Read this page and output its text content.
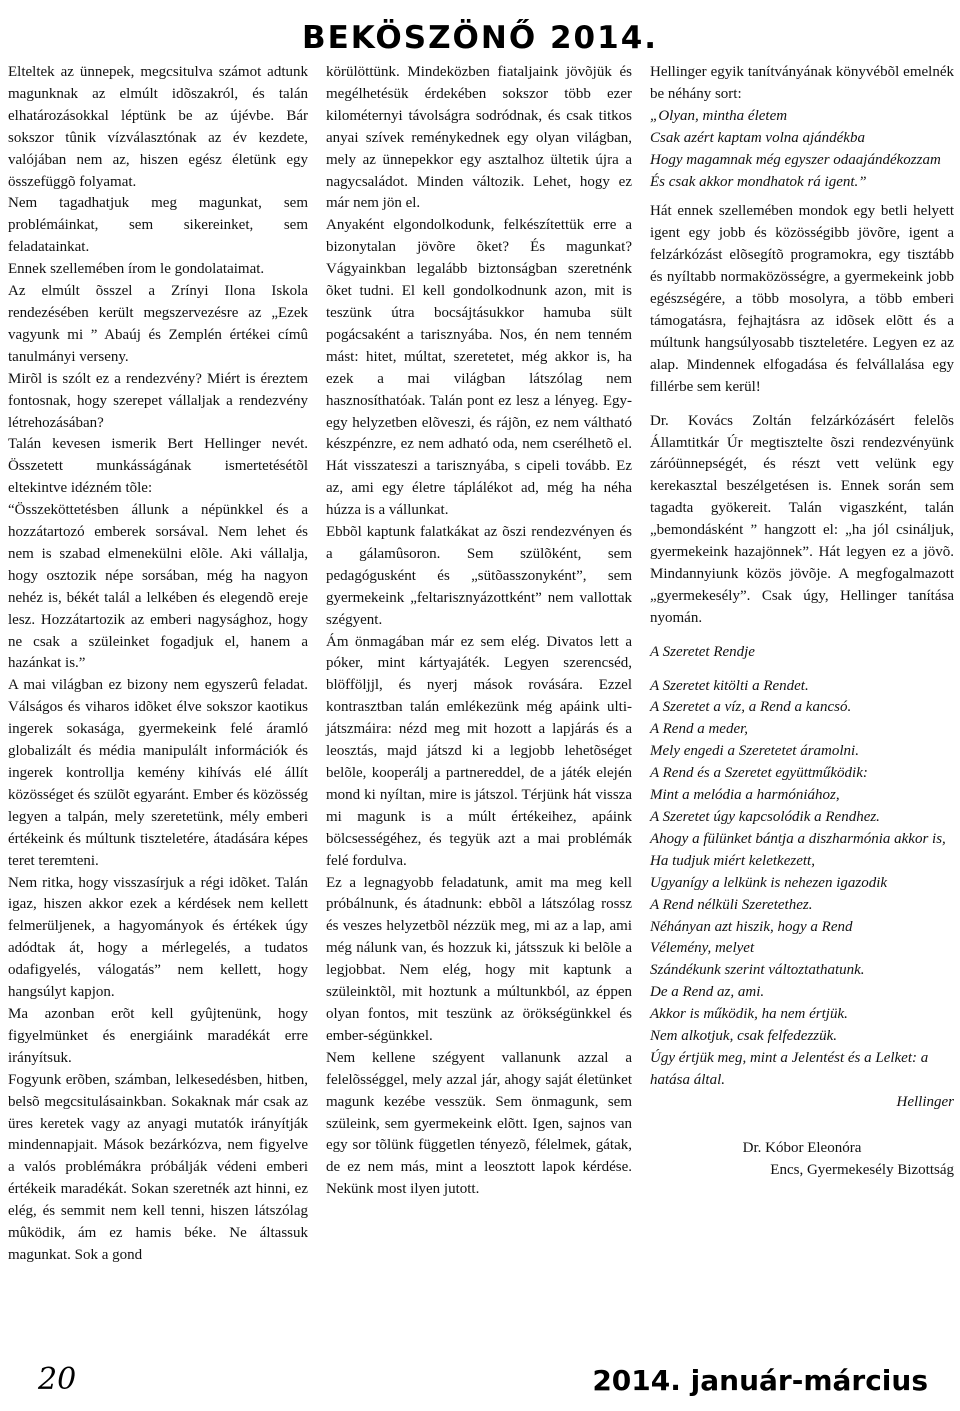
BEKÖSZÖNŐ 2014.

Elteltek az ünnepek, megcsitulva számot adtunk magunknak az elmúlt idõszakról, és talán elhatározásokkal léptünk be az újévbe. Bár sokszor tûnik vízválasztónak az év kezdete, valójában nem az, hiszen egész életünk egy összefüggõ folyamat.

Nem tagadhatjuk meg magunkat, sem problémáinkat, sem sikereinket, sem feladatainkat.

Ennek szellemében írom le gondolataimat.

Az elmúlt õsszel a Zrínyi Ilona Iskola rendezésében került megszervezésre az „Ezek vagyunk mi ” Abaúj és Zemplén értékei címû tanulmányi verseny.

Mirõl is szólt ez a rendezvény? Miért is éreztem fontosnak, hogy szerepet vállaljak a rendezvény létrehozásában?

Talán kevesen ismerik Bert Hellinger nevét. Összetett munkásságának ismertetésétõl eltekintve idézném tõle:

“Összeköttetésben állunk a népünkkel és a hozzátartozó emberek sorsával. Nem lehet és nem is szabad elmenekülni elõle. Aki vállalja, hogy osztozik népe sorsában, még ha nagyon nehéz is, békét talál a lelkében és elegendõ ereje lesz. Hozzátartozik az emberi nagysághoz, hogy ne csak a szüleinket fogadjuk el, hanem a hazánkat is.”

A mai világban ez bizony nem egyszerû feladat. Válságos és viharos idõket élve sokszor kaotikus ingerek sokasága, gyermekeink felé áramló globalizált és média manipulált információk és ingerek kontrollja kemény kihívás elé állít közösséget és szülõt egyaránt. Ember és közösség legyen a talpán, mely szeretetünk, mély emberi értékeink és múltunk tiszteletére, átadására képes teret teremteni.

Nem ritka, hogy visszasírjuk a régi idõket. Talán igaz, hiszen akkor ezek a kérdések nem kellett felmerüljenek, a hagyományok és értékek úgy adódtak át, hogy a mérlegelés, a tudatos odafigyelés, válogatás” nem kellett, hogy hangsúlyt kapjon.

Ma azonban erõt kell gyûjtenünk, hogy figyelmünket és energiáink maradékát erre irányítsuk.

Fogyunk erõben, számban, lelkesedésben, hitben, belsõ megcsitulásainkban. Sokaknak már csak az üres keretek vagy az anyagi mutatók irányítják mindennapjait. Mások bezárkózva, nem figyelve a valós problémákra próbálják védeni emberi értékeik maradékát. Sokan szeretnék azt hinni, ez elég, és semmit nem kell tenni, hiszen látszólag mûködik, ám ez hamis béke. Ne áltassuk magunkat. Sok a gond

körülöttünk. Mindeközben fiataljaink jövõjük és megélhetésük érdekében sokszor több ezer kilométernyi távolságra sodródnak, és csak titkos anyai szívek reménykednek egy olyan világban, mely az ünnepekkor egy asztalhoz ültetik újra a nagycsaládot. Minden változik. Lehet, hogy ez már nem jön el.

Anyaként elgondolkodunk, felkészítettük erre a bizonytalan jövõre õket? És magunkat? Vágyainkban legalább biztonságban szeretnénk õket tudni. El kell gondolkodnunk azon, mit is teszünk útra bocsájtásukkor hamuba sült pogácsaként a tarisznyába. Nos, én nem tenném mást: hitet, múltat, szeretetet, még akkor is, ha ezek a mai világban látszólag nem hasznosíthatóak. Talán pont ez lesz a lényeg. Egy-egy helyzetben elõveszi, és rájõn, ez nem váltható készpénzre, ez nem adható oda, nem cserélhetõ el. Hát visszateszi a tarisznyába, s cipeli tovább. Ez az, ami egy életre táplálékot ad, még ha néha húzza is a vállunkat.

Ebbõl kaptunk falatkákat az õszi rendezvényen és a gálamûsoron. Sem szülõként, sem pedagógusként és „sütõasszonyként”, sem gyermekeink „feltarisznyázottként” nem vallottak szégyent.

Ám önmagában már ez sem elég. Divatos lett a póker, mint kártyajáték. Legyen szerencséd, blöfföljjl, és nyerj mások rovására. Ezzel kontrasztban talán emlékezünk még apáink ulti-játszmáira: nézd meg mit hozott a lapjárás és a leosztás, majd játszd ki a legjobb lehetõséget belõle, kooperálj a partnereddel, de a játék elején mond ki nyíltan, mire is játszol. Térjünk hát vissza mi magunk is a múlt értékeihez, apáink bölcsességéhez, és tegyük azt a mai problémák felé fordulva.

Ez a legnagyobb feladatunk, amit ma meg kell próbálnunk, és átadnunk: ebbõl a látszólag rossz és veszes helyzetbõl nézzük meg, mi az a lap, ami még nálunk van, és hozzuk ki, játsszuk ki belõle a legjobbat. Nem elég, hogy mit kaptunk a szüleinktõl, mit hoztunk a múltunkból, az éppen olyan fontos, mit teszünk az örökségünkkel és ember-ségünkkel.

Nem kellene szégyent vallanunk azzal a felelõsséggel, mely azzal jár, ahogy saját életünket magunk kezébe vesszük. Sem önmagunk, sem szüleink, sem gyermekeink elõtt. Igen, sajnos van egy sor tõlünk független tényezõ, félelmek, gátak, de ez nem más, mint a leosztott lapok kérdése. Nekünk most ilyen jutott.

Hellinger egyik tanítványának könyvébõl emelnék be néhány sort:

„Olyan, mintha életem

Csak azért kaptam volna ajándékba

Hogy magamnak még egyszer odaajándékozzam

És csak akkor mondhatok rá igent.”

Hát ennek szellemében mondok egy betli helyett igent egy jobb és közösségibb jövõre, igent a felzárkózást elõsegítõ programokra, egy tisztább és nyíltabb normaközösségre, a gyermekeink jobb egészségére, a több mosolyra, a több emberi támogatásra, fejhajtásra az idõsek elõtt és a múltunk hangsúlyosabb tiszteletére. Legyen ez az alap. Mindennek elfogadása és felvállalása egy fillérbe sem kerül!

Dr. Kovács Zoltán felzárkózásért felelõs Államtitkár Úr megtisztelte õszi rendezvényünk záróünnepségét, és részt vett velünk egy kerekasztal beszélgetésen is. Ennek során sem tagadta gyökereit. Talán vigaszként, talán „bemondásként ” hangzott el: „ha jól csináljuk, gyermekeink hazajönnek”. Hát legyen ez a jövõ. Mindannyiunk közös jövõje. A megfogalmazott „gyermekesély”. Csak úgy, Hellinger tanítása nyomán.

A Szeretet Rendje

A Szeretet kitölti a Rendet.

A Szeretet a víz, a Rend a kancsó.

A Rend a meder,

Mely engedi a Szeretetet áramolni.

A Rend és a Szeretet együttműködik:

Mint a melódia a harmóniához,

A Szeretet úgy kapcsolódik a Rendhez.

Ahogy a fülünket bántja a diszharmónia akkor is,

Ha tudjuk miért keletkezett,

Ugyanígy a lelkünk is nehezen igazodik

A Rend nélküli Szeretethez.

Néhányan azt hiszik, hogy a Rend

Vélemény, melyet

Szándékunk szerint változtathatunk.

De a Rend az, ami.

Akkor is működik, ha nem értjük.

Nem alkotjuk, csak felfedezzük.

Úgy értjük meg, mint a Jelentést és a Lelket: a hatása által.

Hellinger

Dr. Kóbor Eleonóra

Encs, Gyermekesély Bizottság

20	2014. január-március
